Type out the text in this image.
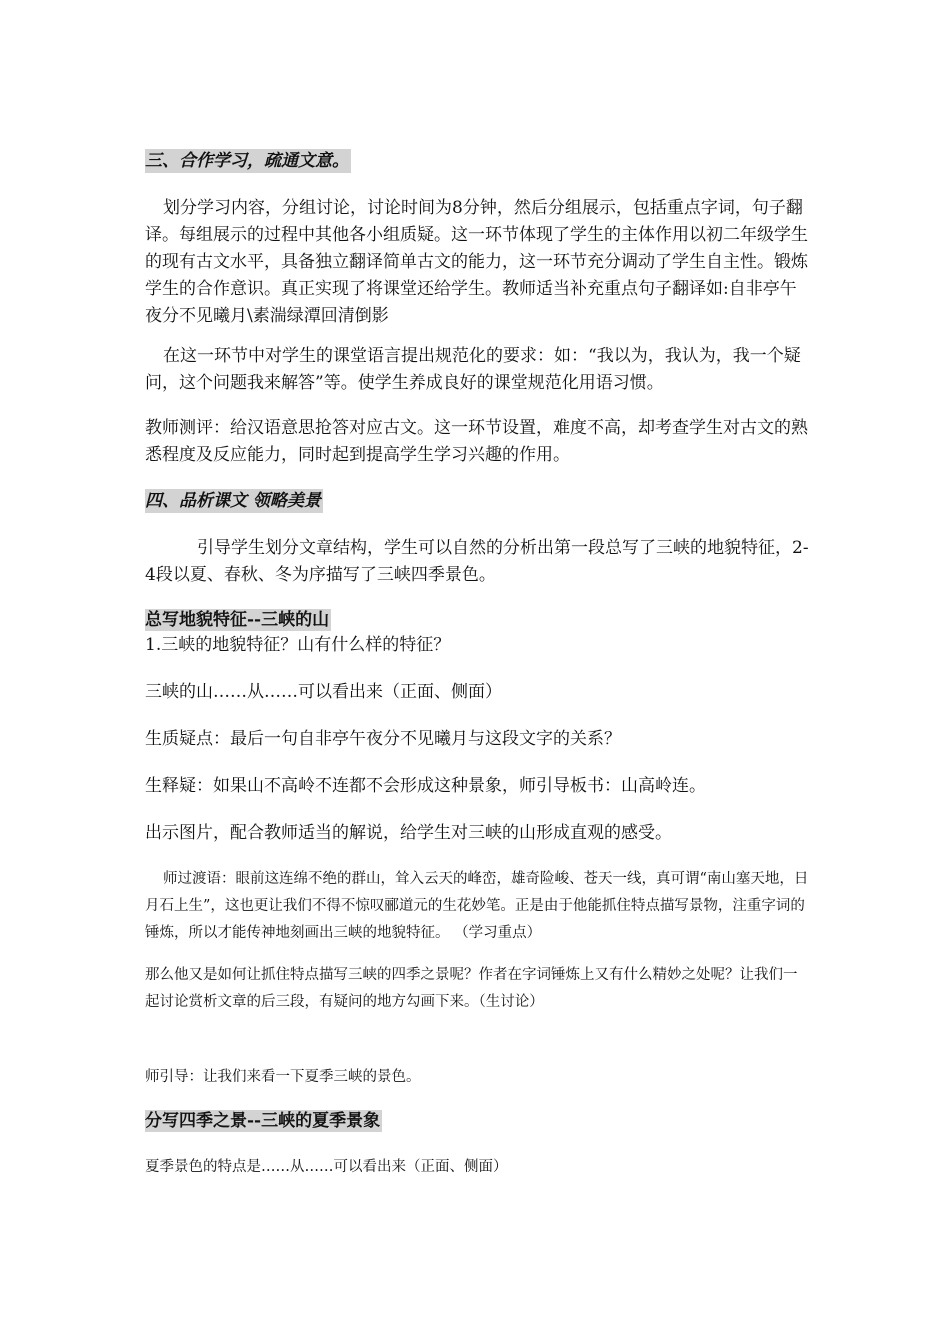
三、合作学习，疏通文意。

划分学习内容，分组讨论，讨论时间为8分钟，然后分组展示，包括重点字词，句子翻译。每组展示的过程中其他各小组质疑。这一环节体现了学生的主体作用以初二年级学生的现有古文水平，具备独立翻译简单古文的能力，这一环节充分调动了学生自主性。锻炼学生的合作意识。真正实现了将课堂还给学生。教师适当补充重点句子翻译如:自非亭午夜分不见曦月\素湍绿潭回清倒影

在这一环节中对学生的课堂语言提出规范化的要求：如：“我以为，我认为，我一个疑问，这个问题我来解答”等。使学生养成良好的课堂规范化用语习惯。

教师测评：给汉语意思抢答对应古文。这一环节设置，难度不高，却考查学生对古文的熟悉程度及反应能力，同时起到提高学生学习兴趣的作用。

四、品析课文 领略美景

引导学生划分文章结构，学生可以自然的分析出第一段总写了三峡的地貌特征，2-4段以夏、春秋、冬为序描写了三峡四季景色。

总写地貌特征--三峡的山

1.三峡的地貌特征？山有什么样的特征？

三峡的山……从……可以看出来（正面、侧面）

生质疑点：最后一句自非亭午夜分不见曦月与这段文字的关系？

生释疑：如果山不高岭不连都不会形成这种景象，师引导板书：山高岭连。

出示图片，配合教师适当的解说，给学生对三峡的山形成直观的感受。

师过渡语：眼前这连绵不绝的群山，耸入云天的峰峦，雄奇险峻、苍天一线，真可谓“南山塞天地，日月石上生”，这也更让我们不得不惊叹郦道元的生花妙笔。正是由于他能抓住特点描写景物，注重字词的锤炼，所以才能传神地刻画出三峡的地貌特征。 （学习重点）

那么他又是如何让抓住特点描写三峡的四季之景呢？作者在字词锤炼上又有什么精妙之处呢？让我们一起讨论赏析文章的后三段，有疑问的地方勾画下来。（生讨论）

师引导：让我们来看一下夏季三峡的景色。

分写四季之景--三峡的夏季景象

夏季景色的特点是……从……可以看出来（正面、侧面）
